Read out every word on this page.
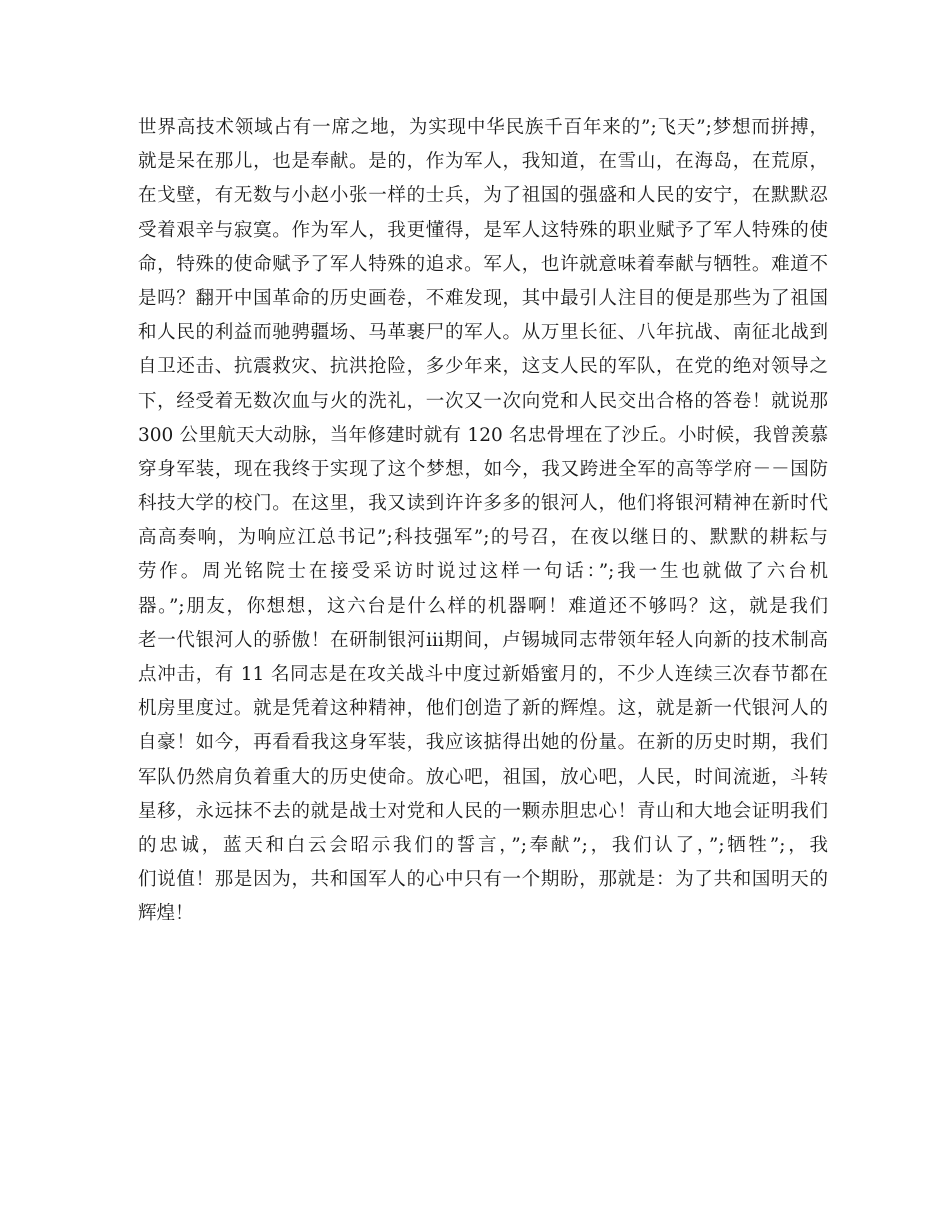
世界高技术领域占有一席之地，为实现中华民族千百年来的”;飞天”;梦想而拼搏，
就是呆在那儿，也是奉献。是的，作为军人，我知道，在雪山，在海岛，在荒原，
在戈壁，有无数与小赵小张一样的士兵，为了祖国的强盛和人民的安宁，在默默忍
受着艰辛与寂寞。作为军人，我更懂得，是军人这特殊的职业赋予了军人特殊的使
命，特殊的使命赋予了军人特殊的追求。军人，也许就意味着奉献与牺牲。难道不
是吗？翻开中国革命的历史画卷，不难发现，其中最引人注目的便是那些为了祖国
和人民的利益而驰骋疆场、马革裹尸的军人。从万里长征、八年抗战、南征北战到
自卫还击、抗震救灾、抗洪抢险，多少年来，这支人民的军队，在党的绝对领导之
下，经受着无数次血与火的洗礼，一次又一次向党和人民交出合格的答卷！就说那
300 公里航天大动脉，当年修建时就有 120 名忠骨埋在了沙丘。小时候，我曾羡慕
穿身军装，现在我终于实现了这个梦想，如今，我又跨进全军的高等学府－－国防
科技大学的校门。在这里，我又读到许许多多的银河人，他们将银河精神在新时代
高高奏响，为响应江总书记”;科技强军”;的号召，在夜以继日的、默默的耕耘与
劳作。周光铭院士在接受采访时说过这样一句话：”;我一生也就做了六台机
器。”;朋友，你想想，这六台是什么样的机器啊！难道还不够吗？这，就是我们
老一代银河人的骄傲！在研制银河ⅲ期间，卢锡城同志带领年轻人向新的技术制高
点冲击，有 11 名同志是在攻关战斗中度过新婚蜜月的，不少人连续三次春节都在
机房里度过。就是凭着这种精神，他们创造了新的辉煌。这，就是新一代银河人的
自豪！如今，再看看我这身军装，我应该掂得出她的份量。在新的历史时期，我们
军队仍然肩负着重大的历史使命。放心吧，祖国，放心吧，人民，时间流逝，斗转
星移，永远抹不去的就是战士对党和人民的一颗赤胆忠心！青山和大地会证明我们
的忠诚，蓝天和白云会昭示我们的誓言，”;奉献”;，我们认了，”;牺牲”;，我
们说值！那是因为，共和国军人的心中只有一个期盼，那就是：为了共和国明天的
辉煌！
